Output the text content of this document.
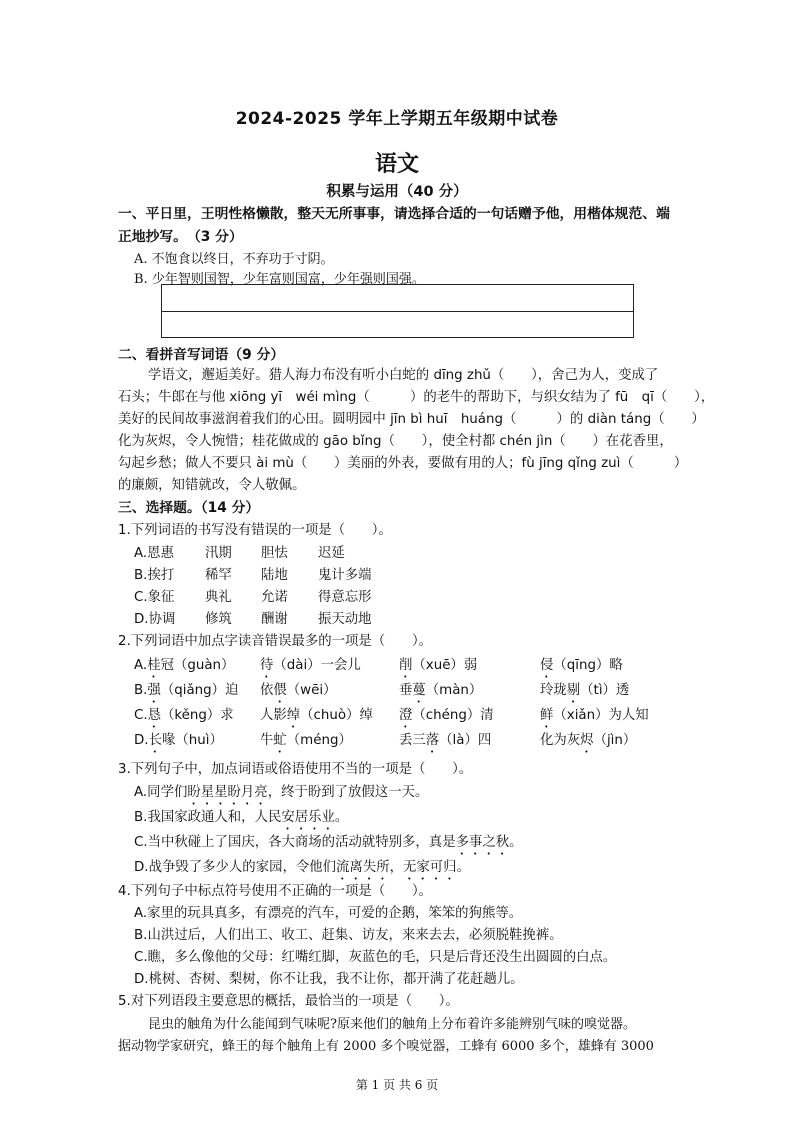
2024-2025 学年上学期五年级期中试卷
语文
积累与运用（40 分）
一、平日里，王明性格懒散，整天无所事事，请选择合适的一句话赠予他，用楷体规范、端
正地抄写。　（3 分）
A. 不饱食以终日，不弃功于寸阴。
B. 少年智则国智，少年富则国富，少年强则国强。
二、看拼音写词语（9 分）
学语文，邂逅美好。猎人海力布没有听小白蛇的 dīng zhǔ（　　），舍己为人，变成了
石头；牛郎在与他 xiōng yī　wéi mìng（　　　）的老牛的帮助下，与织女结为了 fū　qī（　　），
美好的民间故事滋润着我们的心田。圆明园中 jīn bì huī　huáng（　　　）的 diàn táng（　　）
化为灰烬，令人惋惜；桂花做成的 gāo bǐng（　　），使全村都 chén jìn（　　）在花香里，
勾起乡愁；做人不要只 ài mù（　　）美丽的外表，要做有用的人；fù jīng qǐng zuì（　　　）
的廉颇，知错就改，令人敬佩。
三、选择题。（14 分）
1.下列词语的书写没有错误的一项是（　　）。
A.恩惠 汛期 胆怯 迟延
B.挨打 稀罕 陆地 鬼计多端
C.象征 典礼 允诺 得意忘形
D.协调 修筑 酬谢 振天动地
2.下列词语中加点字读音错误最多的一项是（　　）。
A.桂冠（guàn） 待（dài）一会儿	削（xuē）弱	侵（qīng）略
B.强（qiǎng）迫 依偎（wēi）	垂蔓（màn）	玲珑剔（tì）透
C.恳（kěng）求 人影绰（chuò）绰 澄（chéng）清	鲜（xiǎn）为人知
D.长喙（huì）	牛虻（méng）	丢三落（là）四	化为灰烬（jìn）
3.下列句子中，加点词语或俗语使用不当的一项是（　　）。
A.同学们盼星星盼月亮，终于盼到了放假这一天。
B.我国家政通人和，人民安居乐业。
C.当中秋碰上了国庆，各大商场的活动就特别多，真是多事之秋。
D.战争毁了多少人的家园，令他们流离失所，无家可归。
4.下列句子中标点符号使用不正确的一项是（　　）。
A.家里的玩具真多，有漂亮的汽车，可爱的企鹅，笨笨的狗熊等。
B.山洪过后，人们出工、收工、赶集、访友，来来去去，必须脱鞋挽裤。
C.瞧，多么像他的父母：红嘴红脚，灰蓝色的毛，只是后背还没生出圆圆的白点。
D.桃树、杏树、梨树，你不让我，我不让你，都开满了花赶趟儿。
5.对下列语段主要意思的概括，最恰当的一项是（　　）。
昆虫的触角为什么能闻到气味呢?原来他们的触角上分布着许多能辨别气味的嗅觉器。
据动物学家研究，蜂王的每个触角上有 2000 多个嗅觉器，工蜂有 6000 多个，雄蜂有 3000
第 1 页 共 6 页
